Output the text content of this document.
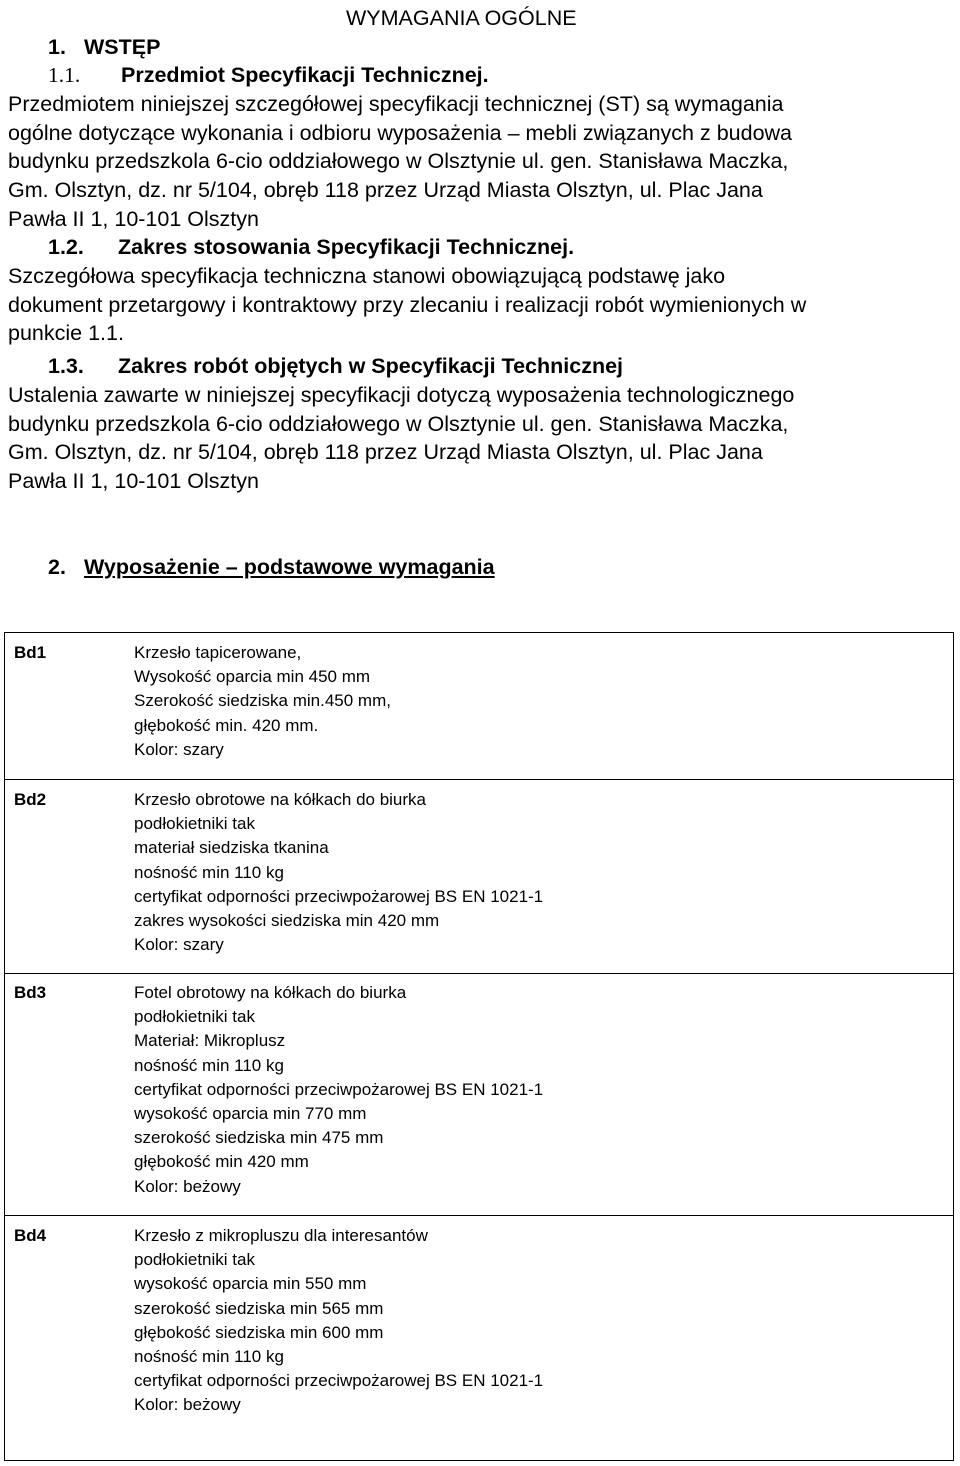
WYMAGANIA OGÓLNE
1. WSTĘP
1.1. Przedmiot Specyfikacji Technicznej.
Przedmiotem niniejszej szczegółowej specyfikacji technicznej (ST) są wymagania
ogólne dotyczące wykonania i odbioru wyposażenia – mebli związanych z budowa
budynku przedszkola 6-cio oddziałowego w Olsztynie ul. gen. Stanisława Maczka,
Gm. Olsztyn, dz. nr 5/104, obręb 118 przez Urząd Miasta Olsztyn, ul. Plac Jana
Pawła II 1, 10-101 Olsztyn
1.2. Zakres stosowania Specyfikacji Technicznej.
Szczegółowa specyfikacja techniczna stanowi obowiązującą podstawę jako
dokument przetargowy i kontraktowy przy zlecaniu i realizacji robót wymienionych w
punkcie 1.1.
1.3. Zakres robót objętych w Specyfikacji Technicznej
Ustalenia zawarte w niniejszej specyfikacji dotyczą wyposażenia technologicznego
budynku przedszkola 6-cio oddziałowego w Olsztynie ul. gen. Stanisława Maczka,
Gm. Olsztyn, dz. nr 5/104, obręb 118 przez Urząd Miasta Olsztyn, ul. Plac Jana
Pawła II 1, 10-101 Olsztyn
2. Wyposażenie – podstawowe wymagania
Bd1	Krzesło tapicerowane,
Wysokość oparcia min 450 mm
Szerokość siedziska min.450 mm,
głębokość min. 420 mm.
Kolor: szary
Bd2	Krzesło obrotowe na kółkach do biurka
podłokietniki tak
materiał siedziska tkanina
nośność min 110 kg
certyfikat odporności przeciwpożarowej BS EN 1021-1
zakres wysokości siedziska min 420 mm
Kolor: szary
Bd3	Fotel obrotowy na kółkach do biurka
podłokietniki tak
Materiał: Mikroplusz
nośność min 110 kg
certyfikat odporności przeciwpożarowej BS EN 1021-1
wysokość oparcia min 770 mm
szerokość siedziska min 475 mm
głębokość min 420 mm
Kolor: beżowy
Bd4	Krzesło z mikropluszu dla interesantów
podłokietniki tak
wysokość oparcia min 550 mm
szerokość siedziska min 565 mm
głębokość siedziska min 600 mm
nośność min 110 kg
certyfikat odporności przeciwpożarowej BS EN 1021-1
Kolor: beżowy
